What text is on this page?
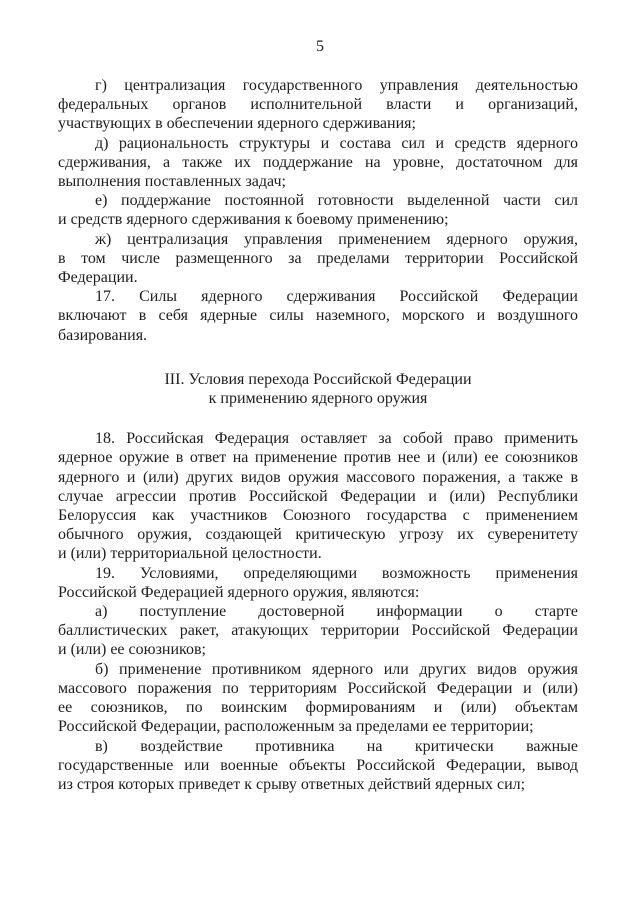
5
г) централизация государственного управления деятельностью
федеральных органов исполнительной власти и организаций,
участвующих в обеспечении ядерного сдерживания;
д) рациональность структуры и состава сил и средств ядерного
сдерживания, а также их поддержание на уровне, достаточном для
выполнения поставленных задач;
е) поддержание постоянной готовности выделенной части сил
и средств ядерного сдерживания к боевому применению;
ж) централизация управления применением ядерного оружия,
в том числе размещенного за пределами территории Российской
Федерации.
17. Силы ядерного сдерживания Российской Федерации
включают в себя ядерные силы наземного, морского и воздушного
базирования.
III. Условия перехода Российской Федерации
к применению ядерного оружия
18. Российская Федерация оставляет за собой право применить
ядерное оружие в ответ на применение против нее и (или) ее союзников
ядерного и (или) других видов оружия массового поражения, а также в
случае агрессии против Российской Федерации и (или) Республики
Белоруссия как участников Союзного государства с применением
обычного оружия, создающей критическую угрозу их суверенитету
и (или) территориальной целостности.
19. Условиями, определяющими возможность применения
Российской Федерацией ядерного оружия, являются:
а) поступление достоверной информации о старте
баллистических ракет, атакующих территории Российской Федерации
и (или) ее союзников;
б) применение противником ядерного или других видов оружия
массового поражения по территориям Российской Федерации и (или)
ее союзников, по воинским формированиям и (или) объектам
Российской Федерации, расположенным за пределами ее территории;
в) воздействие противника на критически важные
государственные или военные объекты Российской Федерации, вывод
из строя которых приведет к срыву ответных действий ядерных сил;
